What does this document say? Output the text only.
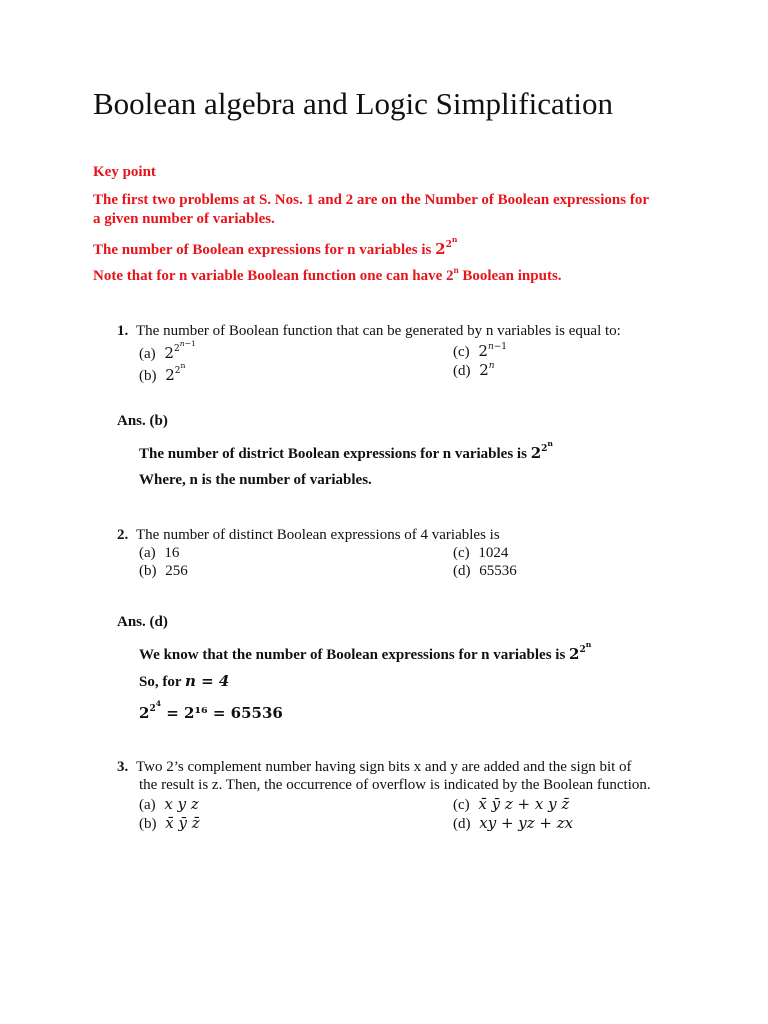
Boolean algebra and Logic Simplification
Key point
The first two problems at S. Nos. 1 and 2 are on the Number of Boolean expressions for
a given number of variables.
The number of Boolean expressions for n variables is $2^{2^n}$
Note that for n variable Boolean function one can have 2$^n$ Boolean inputs.
1. The number of Boolean function that can be generated by n variables is equal to:
(a) $2^{2^{n-1}}$
(b) $2^{2^n}$
(c) $2^{n-1}$
(d) 2$^n$
Ans. (b)
The number of district Boolean expressions for n variables is $2^{2^n}$
Where, n is the number of variables.
2. The number of distinct Boolean expressions of 4 variables is
(a) 16
(b) 256
(c) 1024
(d) 65536
Ans. (d)
We know that the number of Boolean expressions for n variables is $2^{2^n}$
So, for n = 4
$2^{2^4} = 2^{16} = 65536$
3. Two 2’s complement number having sign bits x and y are added and the sign bit of
the result is z. Then, the occurrence of overflow is indicated by the Boolean function.
(a) x y z
(b) x̄ ȳ z̄
(c) x̄ ȳ z + x y z̄
(d) xy + yz + zx
